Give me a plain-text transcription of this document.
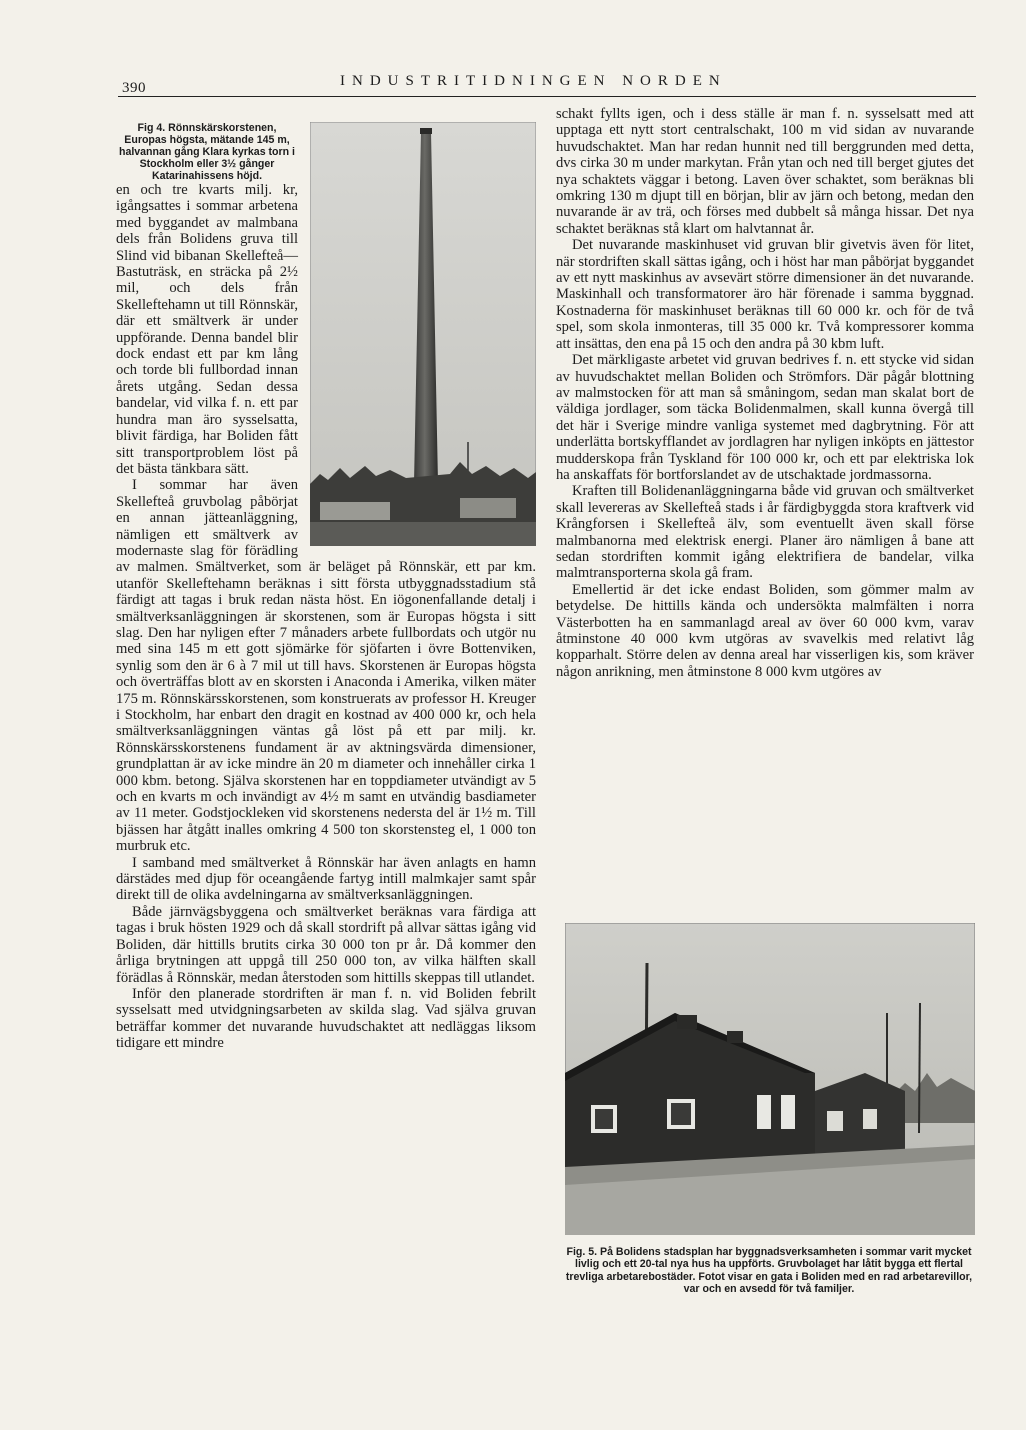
390	INDUSTRITIDNINGEN NORDEN

Fig 4. Rönnskärskorstenen, Europas högsta, mätande 145 m, halvannan gång Klara kyrkas torn i Stockholm eller 3½ gånger Katarinahissens höjd.

en och tre kvarts milj. kr, igångsattes i sommar arbetena med byggandet av malmbana dels från Bolidens gruva till Slind vid bibanan Skellefteå—Bastuträsk, en sträcka på 2½ mil, och dels från Skelleftehamn ut till Rönnskär, där ett smältverk är under uppförande. Denna bandel blir dock endast ett par km lång och torde bli fullbordad innan årets utgång. Sedan dessa bandelar, vid vilka f. n. ett par hundra man äro sysselsatta, blivit färdiga, har Boliden fått sitt transportproblem löst på det bästa tänkbara sätt.

I sommar har även Skellefteå gruvbolag påbörjat en annan jätteanläggning, nämligen ett smältverk av modernaste slag för förädling av malmen. Smältverket, som är beläget på Rönnskär, ett par km. utanför Skelleftehamn beräknas i sitt första utbyggnadsstadium stå färdigt att tagas i bruk redan nästa höst. En iögonenfallande detalj i smältverksanläggningen är skorstenen, som är Europas högsta i sitt slag. Den har nyligen efter 7 månaders arbete fullbordats och utgör nu med sina 145 m ett gott sjömärke för sjöfarten i övre Bottenviken, synlig som den är 6 à 7 mil ut till havs. Skorstenen är Europas högsta och överträffas blott av en skorsten i Anaconda i Amerika, vilken mäter 175 m. Rönnskärsskorstenen, som konstruerats av professor H. Kreuger i Stockholm, har enbart den dragit en kostnad av 400 000 kr, och hela smältverksanläggningen väntas gå löst på ett par milj. kr. Rönnskärsskorstenens fundament är av aktningsvärda dimensioner, grundplattan är av icke mindre än 20 m diameter och innehåller cirka 1 000 kbm. betong. Själva skorstenen har en toppdiameter utvändigt av 5 och en kvarts m och invändigt av 4½ m samt en utvändig basdiameter av 11 meter. Godstjockleken vid skorstenens nedersta del är 1½ m. Till bjässen har åtgått inalles omkring 4 500 ton skorstensteg el, 1 000 ton murbruk etc.

I samband med smältverket å Rönnskär har även anlagts en hamn därstädes med djup för oceangående fartyg intill malmkajer samt spår direkt till de olika avdelningarna av smältverksanläggningen.

Både järnvägsbyggena och smältverket beräknas vara färdiga att tagas i bruk hösten 1929 och då skall stordrift på allvar sättas igång vid Boliden, där hittills brutits cirka 30 000 ton pr år. Då kommer den årliga brytningen att uppgå till 250 000 ton, av vilka hälften skall förädlas å Rönnskär, medan återstoden som hittills skeppas till utlandet.

Inför den planerade stordriften är man f. n. vid Boliden febrilt sysselsatt med utvidgningsarbeten av skilda slag. Vad själva gruvan beträffar kommer det nuvarande huvudschaktet att nedläggas liksom tidigare ett mindre

schakt fyllts igen, och i dess ställe är man f. n. sysselsatt med att upptaga ett nytt stort centralschakt, 100 m vid sidan av nuvarande huvudschaktet. Man har redan hunnit ned till berggrunden med detta, dvs cirka 30 m under markytan. Från ytan och ned till berget gjutes det nya schaktets väggar i betong. Laven över schaktet, som beräknas bli omkring 130 m djupt till en början, blir av järn och betong, medan den nuvarande är av trä, och förses med dubbelt så många hissar. Det nya schaktet beräknas stå klart om halvtannat år.

Det nuvarande maskinhuset vid gruvan blir givetvis även för litet, när stordriften skall sättas igång, och i höst har man påbörjat byggandet av ett nytt maskinhus av avsevärt större dimensioner än det nuvarande. Maskinhall och transformatorer äro här förenade i samma byggnad. Kostnaderna för maskinhuset beräknas till 60 000 kr. och för de två spel, som skola inmonteras, till 35 000 kr. Två kompressorer komma att insättas, den ena på 15 och den andra på 30 kbm luft.

Det märkligaste arbetet vid gruvan bedrives f. n. ett stycke vid sidan av huvudschaktet mellan Boliden och Strömfors. Där pågår blottning av malmstocken för att man så småningom, sedan man skalat bort de väldiga jordlager, som täcka Bolidenmalmen, skall kunna övergå till det här i Sverige mindre vanliga systemet med dagbrytning. För att underlätta bortskyfflandet av jordlagren har nyligen inköpts en jättestor mudderskopa från Tyskland för 100 000 kr, och ett par elektriska lok ha anskaffats för bortforslandet av de utschaktade jordmassorna.

Kraften till Bolidenanläggningarna både vid gruvan och smältverket skall levereras av Skellefteå stads i år färdigbyggda stora kraftverk vid Krångforsen i Skellefteå älv, som eventuellt även skall förse malmbanorna med elektrisk energi. Planer äro nämligen å bane att sedan stordriften kommit igång elektrifiera de bandelar, vilka malmtransporterna skola gå fram.

Emellertid är det icke endast Boliden, som gömmer malm av betydelse. De hittills kända och undersökta malmfälten i norra Västerbotten ha en sammanlagd areal av över 60 000 kvm, varav åtminstone 40 000 kvm utgöras av svavelkis med relativt låg kopparhalt. Större delen av denna areal har visserligen kis, som kräver någon anrikning, men åtminstone 8 000 kvm utgöres av

Fig. 5. På Bolidens stadsplan har byggnadsverksamheten i sommar varit mycket livlig och ett 20-tal nya hus ha uppförts. Gruvbolaget har låtit bygga ett flertal trevliga arbetarebostäder. Fotot visar en gata i Boliden med en rad arbetarevillor, var och en avsedd för två familjer.
